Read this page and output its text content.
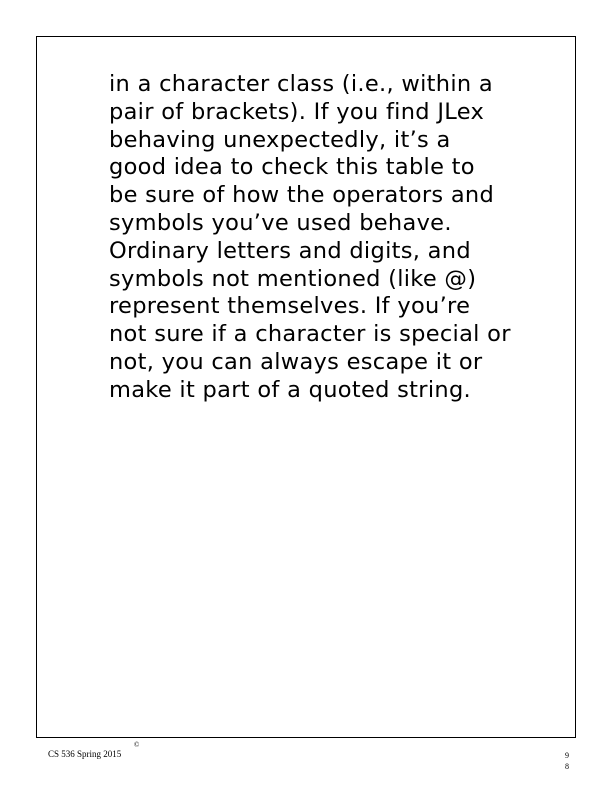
in a character class (i.e., within a
pair of brackets). If you find JLex
behaving unexpectedly, it’s a
good idea to check this table to
be sure of how the operators and
symbols you’ve used behave.
Ordinary letters and digits, and
symbols not mentioned (like @)
represent themselves. If you’re
not sure if a character is special or
not, you can always escape it or
make it part of a quoted string.
CS 536 Spring 2015
©
9
8
